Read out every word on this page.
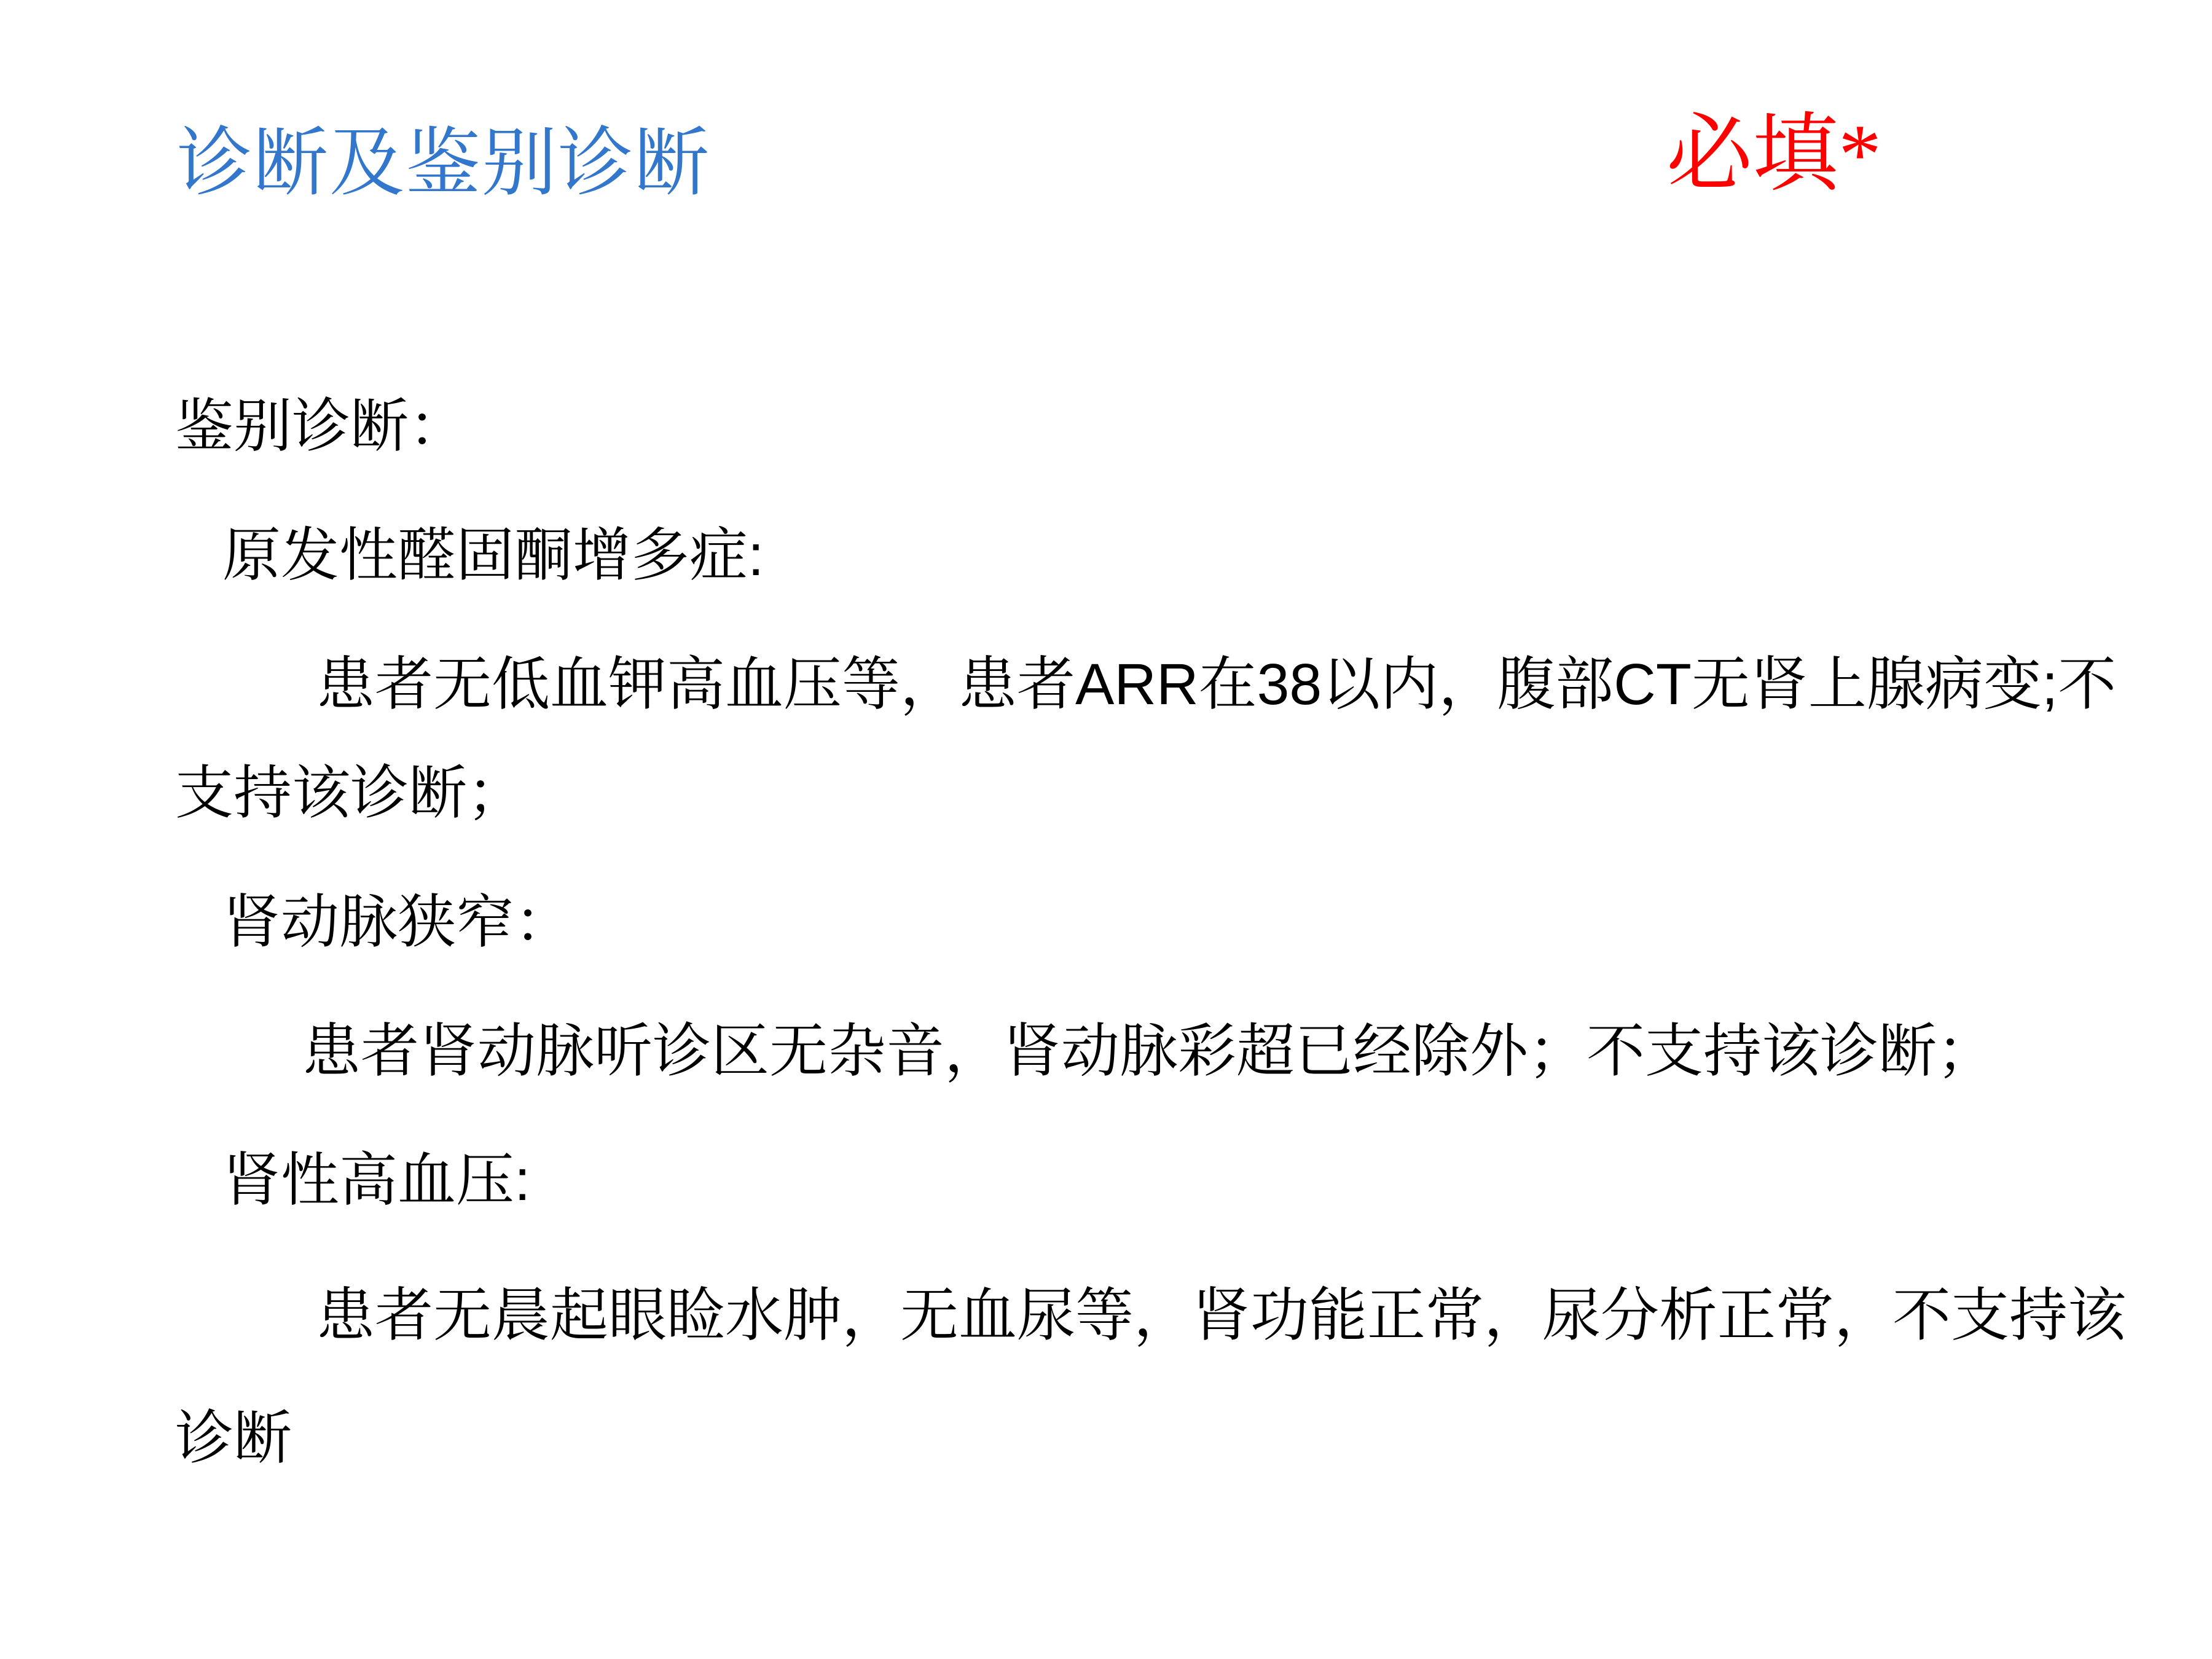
诊断及鉴别诊断	必填*
鉴别诊断：
原发性醛固酮增多症:
患者无低血钾高血压等，患者ARR在38以内，腹部CT无肾上腺病变;不
支持该诊断；
肾动脉狭窄：
患者肾动脉听诊区无杂音，肾动脉彩超已经除外；不支持该诊断；
肾性高血压:
患者无晨起眼睑水肿，无血尿等，肾功能正常，尿分析正常，不支持该
诊断
